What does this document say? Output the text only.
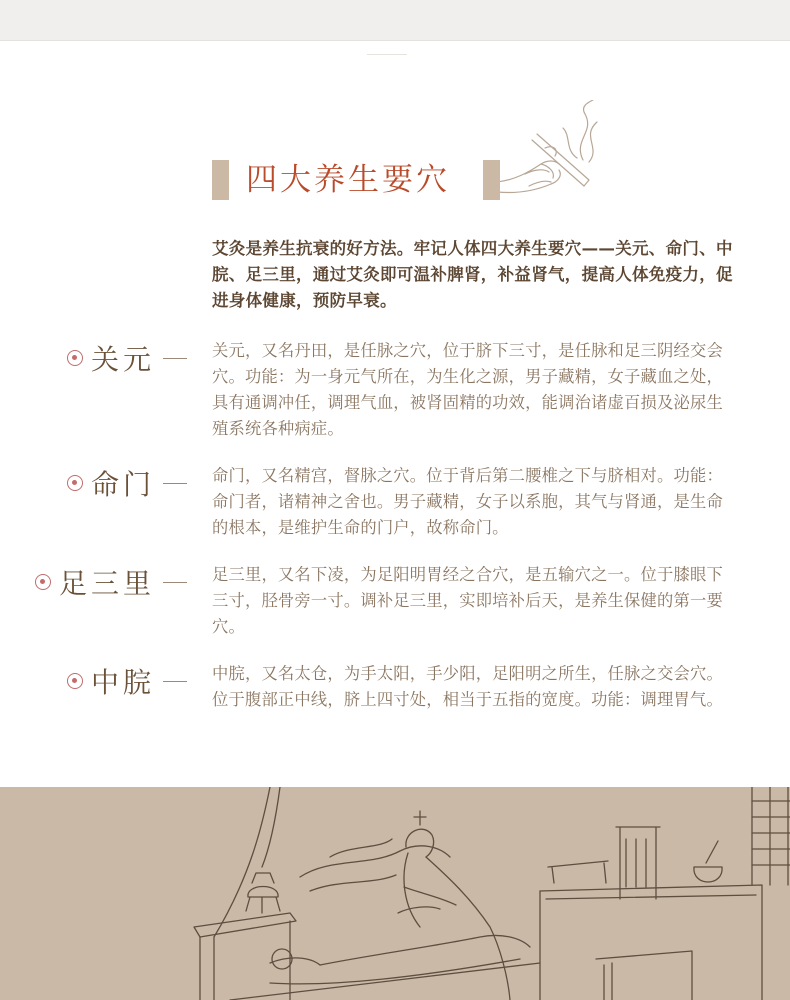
四大养生要穴
艾灸是养生抗衰的好方法。牢记人体四大养生要穴——关元、命门、中脘、足三里，通过艾灸即可温补脾肾，补益肾气，提高人体免疫力，促进身体健康，预防早衰。
关元	关元，又名丹田，是任脉之穴，位于脐下三寸，是任脉和足三阴经交会穴。功能：为一身元气所在，为生化之源，男子藏精，女子藏血之处，具有通调冲任，调理气血，被肾固精的功效，能调治诸虚百损及泌尿生殖系统各种病症。
命门	命门，又名精宫，督脉之穴。位于背后第二腰椎之下与脐相对。功能：命门者，诸精神之舍也。男子藏精，女子以系胞，其气与肾通，是生命的根本，是维护生命的门户，故称命门。
足三里	足三里，又名下凌，为足阳明胃经之合穴，是五输穴之一。位于膝眼下三寸，胫骨旁一寸。调补足三里，实即培补后天，是养生保健的第一要穴。
中脘	中脘，又名太仓，为手太阳，手少阳，足阳明之所生，任脉之交会穴。位于腹部正中线，脐上四寸处，相当于五指的宽度。功能：调理胃气。
